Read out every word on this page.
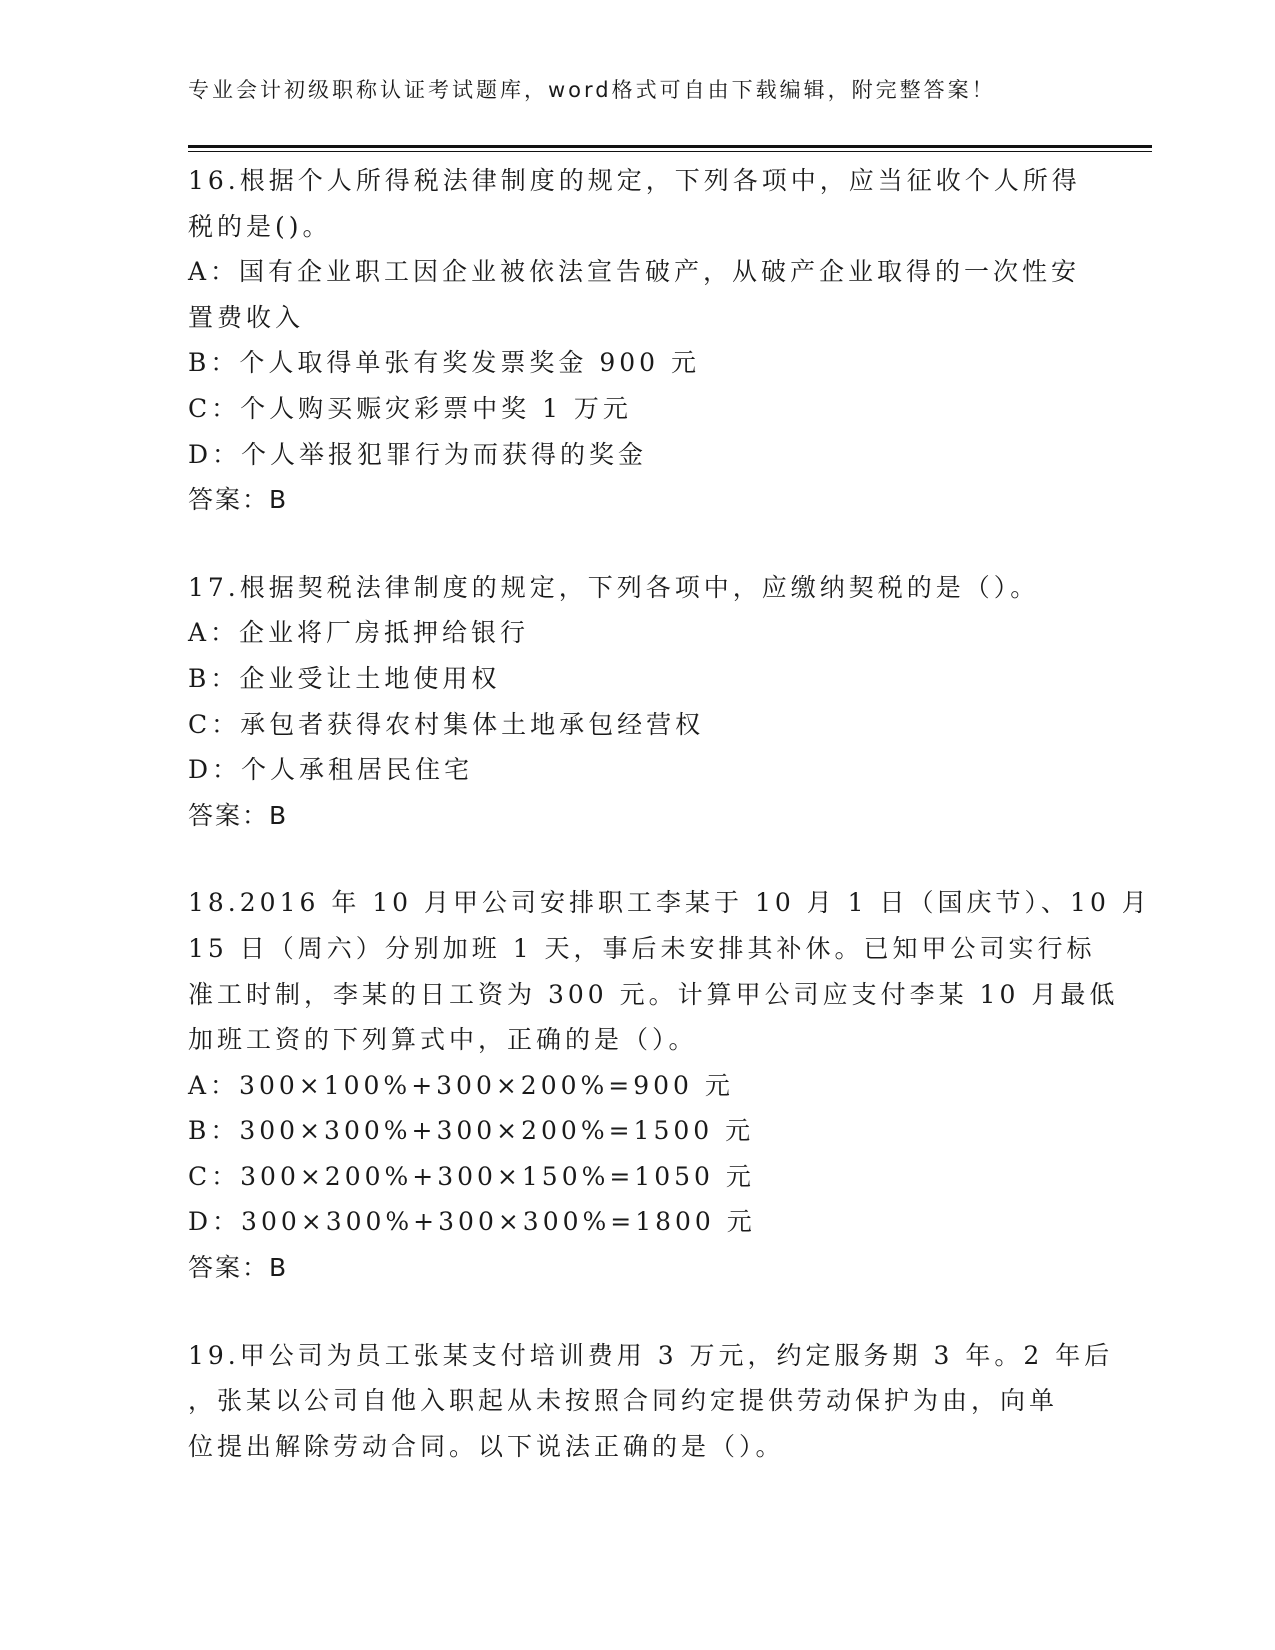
专业会计初级职称认证考试题库，word格式可自由下载编辑，附完整答案！
16.根据个人所得税法律制度的规定，下列各项中，应当征收个人所得
税的是()。
A：国有企业职工因企业被依法宣告破产，从破产企业取得的一次性安
置费收入
B：个人取得单张有奖发票奖金 900 元
C：个人购买赈灾彩票中奖 1 万元
D：个人举报犯罪行为而获得的奖金
答案：B
17.根据契税法律制度的规定，下列各项中，应缴纳契税的是（）。
A：企业将厂房抵押给银行
B：企业受让土地使用权
C：承包者获得农村集体土地承包经营权
D：个人承租居民住宅
答案：B
18.2016 年 10 月甲公司安排职工李某于 10 月 1 日（国庆节）、10 月
15 日（周六）分别加班 1 天，事后未安排其补休。已知甲公司实行标
准工时制，李某的日工资为 300 元。计算甲公司应支付李某 10 月最低
加班工资的下列算式中，正确的是（）。
A：300×100%+300×200%=900 元
B：300×300%+300×200%=1500 元
C：300×200%+300×150%=1050 元
D：300×300%+300×300%=1800 元
答案：B
19.甲公司为员工张某支付培训费用 3 万元，约定服务期 3 年。2 年后
，张某以公司自他入职起从未按照合同约定提供劳动保护为由，向单
位提出解除劳动合同。以下说法正确的是（）。
